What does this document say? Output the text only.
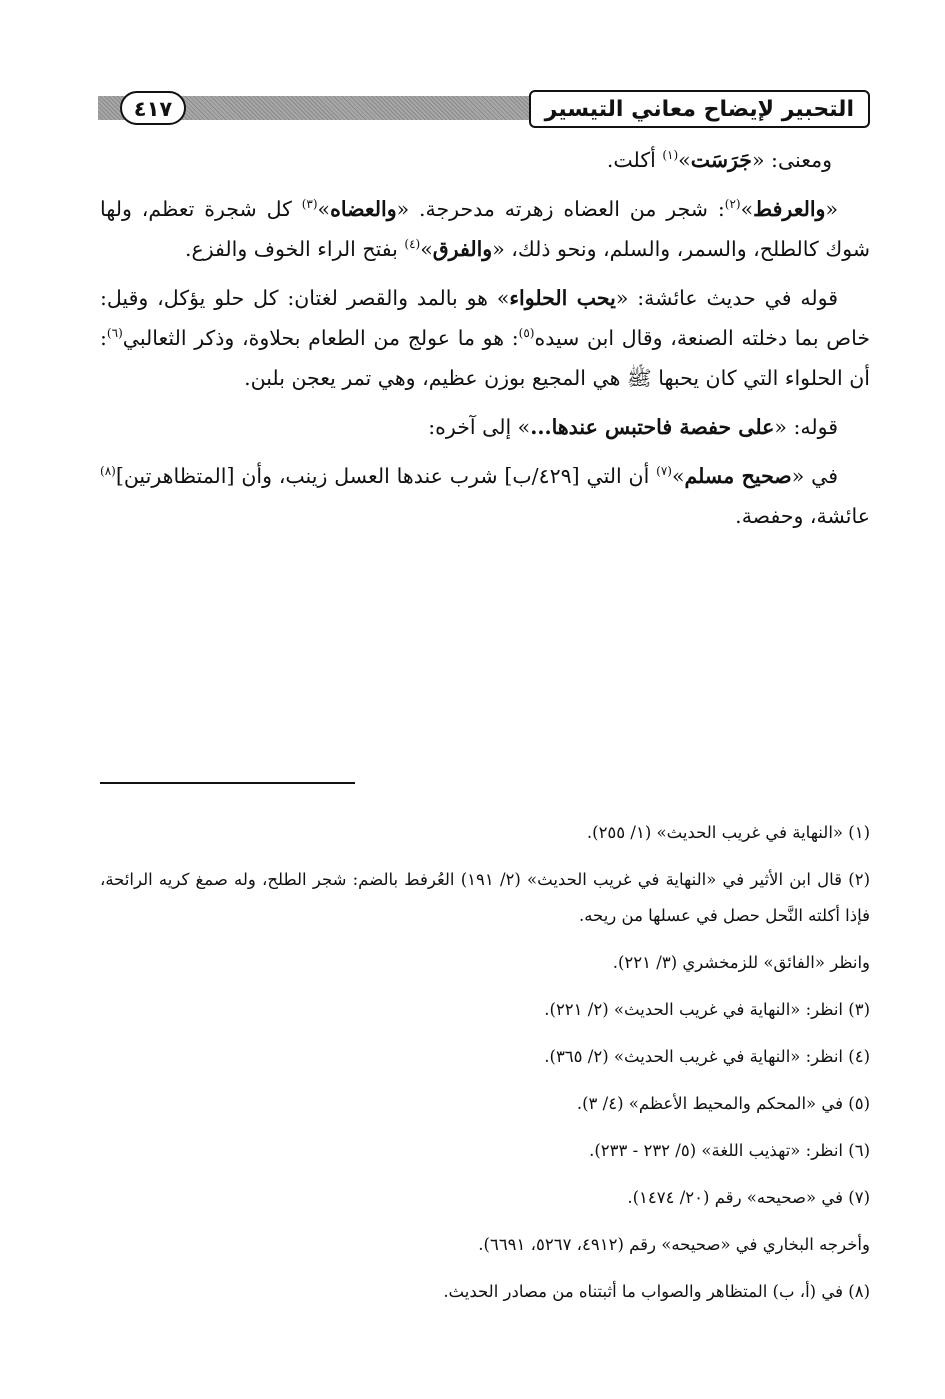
التحبير لإيضاح معاني التيسير
٤١٧

ومعنى: «جَرَسَت»$^{(١)}$ أكلت.

«والعرفط»$^{(٢)}$: شجر من العضاه زهرته مدحرجة. «والعضاه»$^{(٣)}$ كل شجرة تعظم، ولها شوك كالطلح، والسمر، والسلم، ونحو ذلك، «والفرق»$^{(٤)}$ بفتح الراء الخوف والفزع.

قوله في حديث عائشة: «يحب الحلواء» هو بالمد والقصر لغتان: كل حلو يؤكل، وقيل: خاص بما دخلته الصنعة، وقال ابن سيده$^{(٥)}$: هو ما عولج من الطعام بحلاوة، وذكر الثعالبي$^{(٦)}$: أن الحلواء التي كان يحبها ﷺ هي المجيع بوزن عظيم، وهي تمر يعجن بلبن.

قوله: «على حفصة فاحتبس عندها...» إلى آخره:

في «صحيح مسلم»$^{(٧)}$ أن التي [٤٢٩/ب] شرب عندها العسل زينب، وأن [المتظاهرتين]$^{(٨)}$ عائشة، وحفصة.

(١) «النهاية في غريب الحديث» (١/ ٢٥٥).

(٢) قال ابن الأثير في «النهاية في غريب الحديث» (٢/ ١٩١) العُرفط بالضم: شجر الطلح، وله صمغ كريه الرائحة، فإذا أكلته النَّحل حصل في عسلها من ريحه.

وانظر «الفائق» للزمخشري (٣/ ٢٢١).

(٣) انظر: «النهاية في غريب الحديث» (٢/ ٢٢١).

(٤) انظر: «النهاية في غريب الحديث» (٢/ ٣٦٥).

(٥) في «المحكم والمحيط الأعظم» (٤/ ٣).

(٦) انظر: «تهذيب اللغة» (٥/ ٢٣٢ - ٢٣٣).

(٧) في «صحيحه» رقم (٢٠/ ١٤٧٤).

وأخرجه البخاري في «صحيحه» رقم (٤٩١٢، ٥٢٦٧، ٦٦٩١).

(٨) في (أ، ب) المتظاهر والصواب ما أثبتناه من مصادر الحديث.
